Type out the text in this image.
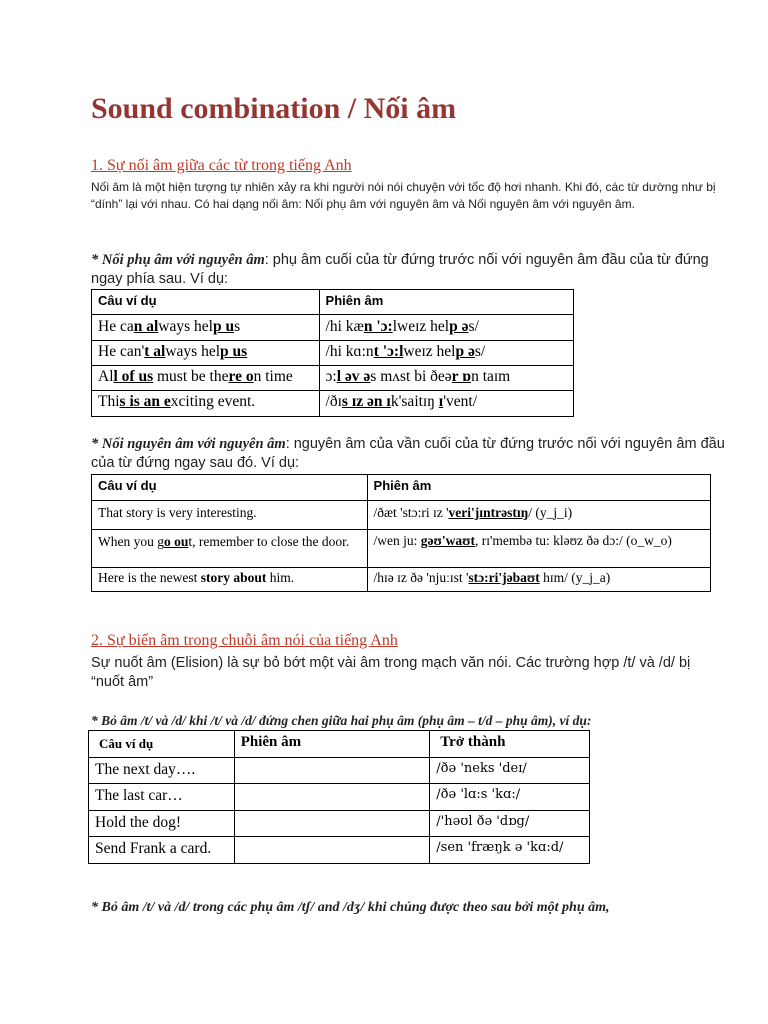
Sound combination / Nối âm

1. Sự nối âm giữa các từ trong tiếng Anh

Nối âm là một hiện tượng tự nhiên xảy ra khi người nói nói chuyện với tốc độ hơi nhanh. Khi đó, các từ dường như bị “dính” lại với nhau. Có hai dạng nối âm: Nối phụ âm với nguyên âm và Nối nguyên âm với nguyên âm.

* Nối phụ âm với nguyên âm: phụ âm cuối của từ đứng trước nối với nguyên âm đầu của từ đứng ngay phía sau. Ví dụ:

Câu ví dụ	Phiên âm
He can always help us	/hi kæn 'ɔ:lweɪz help əs/
He can't always help us	/hi kɑ:nt 'ɔ:lweɪz help əs/
All of us must be there on time	ɔ:l əv əs mʌst bi ðeər ɒn taɪm
This is an exciting event.	/ðɪs ɪz ən ɪk'saitɪŋ ɪ'vent/

* Nối nguyên âm với nguyên âm: nguyên âm của vần cuối của từ đứng trước nối với nguyên âm đầu của từ đứng ngay sau đó. Ví dụ:

Câu ví dụ	Phiên âm
That story is very interesting.	/ðæt 'stɔ:ri ɪz 'veri'jɪntrəstɪŋ/ (y_j_i)
When you go out, remember to close the door.	/wen ju: gəʊ'waʊt, rɪ'membə tu: kləʊz ðə dɔ:/ (o_w_o)
Here is the newest story about him.	/hɪə ɪz ðə 'njuːɪst 'stɔ:ri'jəbaʊt hɪm/ (y_j_a)

2. Sự biến âm trong chuỗi âm nói của tiếng Anh

Sự nuốt âm (Elision) là sự bỏ bớt một vài âm trong mạch văn nói. Các trường hợp /t/ và /d/ bị “nuốt âm”

* Bỏ âm /t/ và /d/ khi /t/ và /d/ đứng chen giữa hai phụ âm (phụ âm – t/d – phụ âm), ví dụ:

Câu ví dụ	Phiên âm	Trở thành
The next day….		/ðə 'neks 'deɪ/
The last car…		/ðə 'lɑ:s 'kɑ:/
Hold the dog!		/'həʊl ðə 'dɒg/
Send Frank a card.		/sen 'fræŋk ə 'kɑ:d/

* Bỏ âm /t/ và /d/ trong các phụ âm /tʃ/ and /dʒ/ khi chúng được theo sau bởi một phụ âm,
